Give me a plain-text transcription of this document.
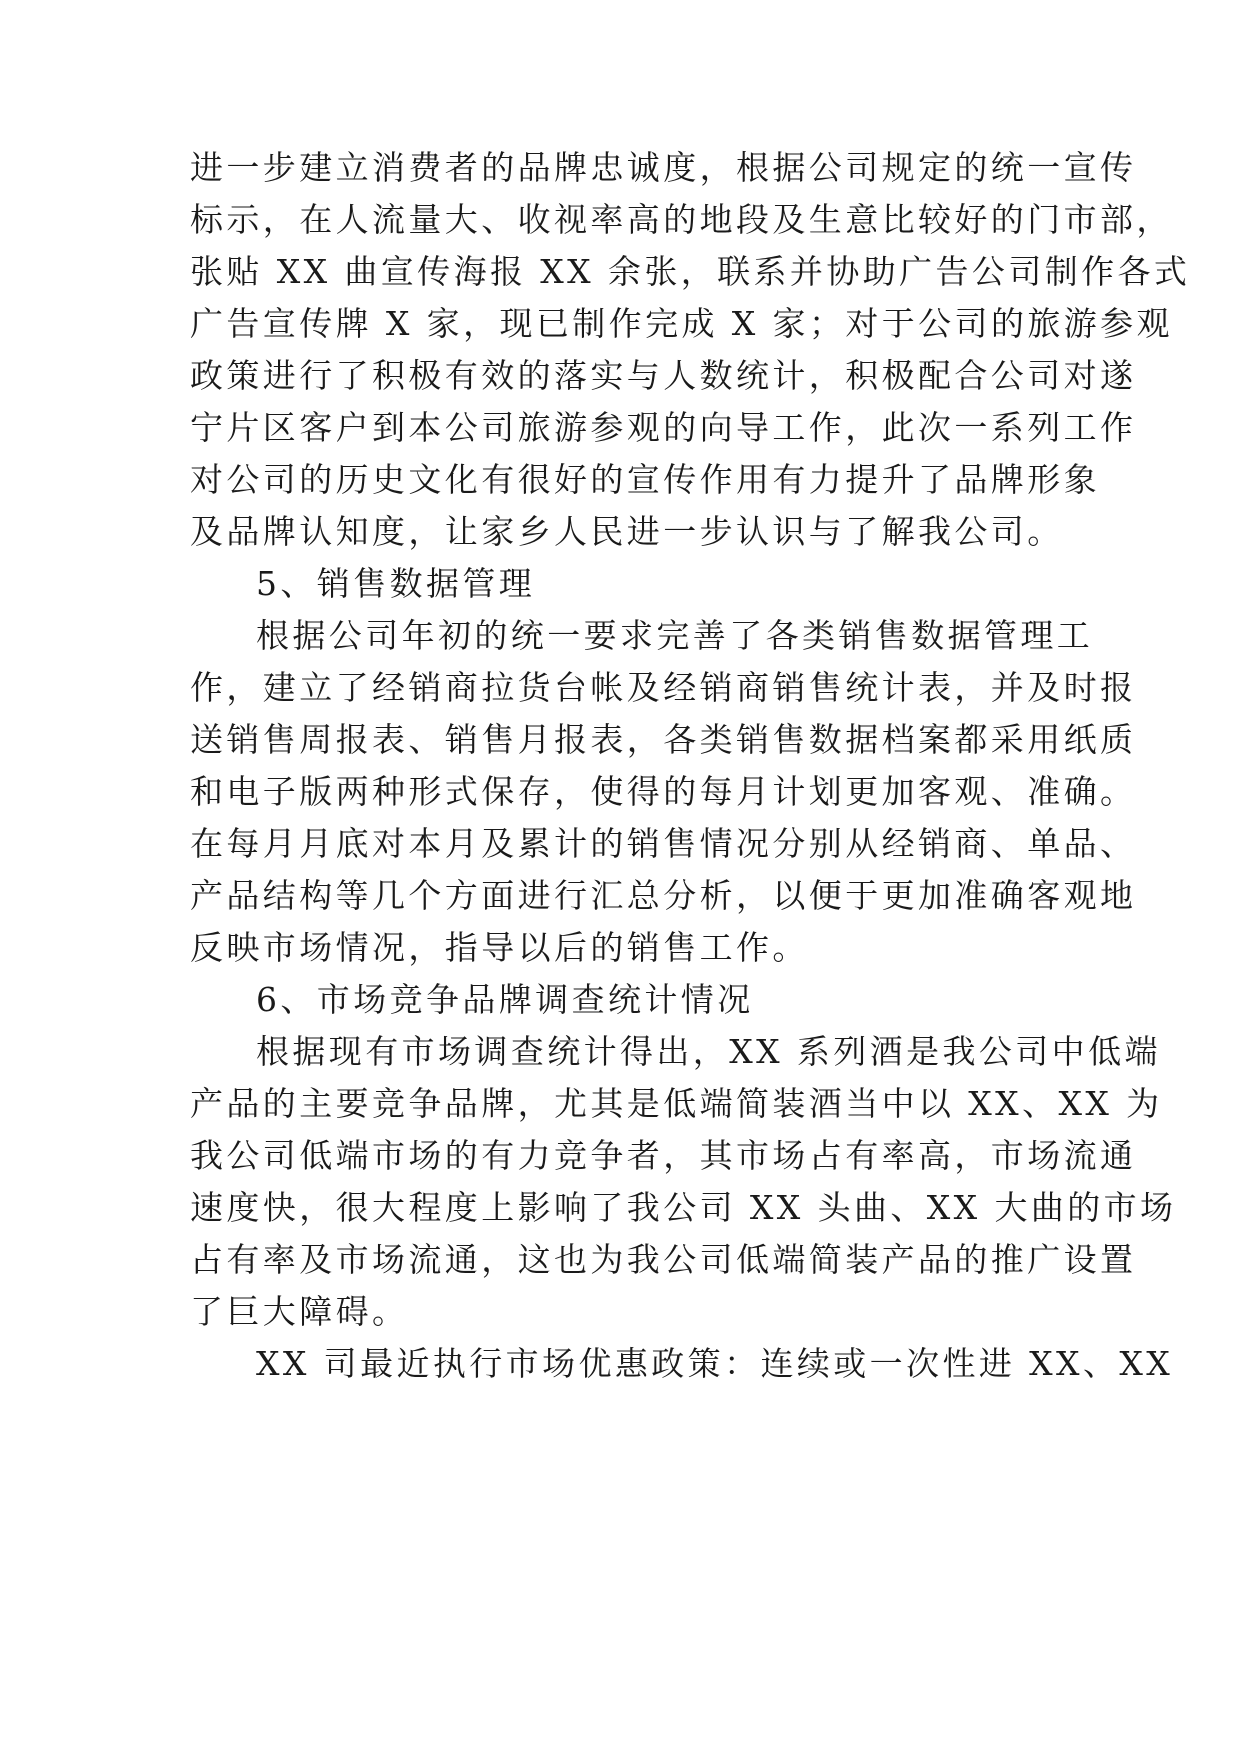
进一步建立消费者的品牌忠诚度，根据公司规定的统一宣传
标示，在人流量大、收视率高的地段及生意比较好的门市部，
张贴 XX 曲宣传海报 XX 余张，联系并协助广告公司制作各式
广告宣传牌 X 家，现已制作完成 X 家；对于公司的旅游参观
政策进行了积极有效的落实与人数统计，积极配合公司对遂
宁片区客户到本公司旅游参观的向导工作，此次一系列工作
对公司的历史文化有很好的宣传作用有力提升了品牌形象
及品牌认知度，让家乡人民进一步认识与了解我公司。
5、销售数据管理
根据公司年初的统一要求完善了各类销售数据管理工
作，建立了经销商拉货台帐及经销商销售统计表，并及时报
送销售周报表、销售月报表，各类销售数据档案都采用纸质
和电子版两种形式保存，使得的每月计划更加客观、准确。
在每月月底对本月及累计的销售情况分别从经销商、单品、
产品结构等几个方面进行汇总分析，以便于更加准确客观地
反映市场情况，指导以后的销售工作。
6、市场竞争品牌调查统计情况
根据现有市场调查统计得出，XX 系列酒是我公司中低端
产品的主要竞争品牌，尤其是低端简装酒当中以 XX、XX 为
我公司低端市场的有力竞争者，其市场占有率高，市场流通
速度快，很大程度上影响了我公司 XX 头曲、XX 大曲的市场
占有率及市场流通，这也为我公司低端简装产品的推广设置
了巨大障碍。
XX 司最近执行市场优惠政策：连续或一次性进 XX、XX
